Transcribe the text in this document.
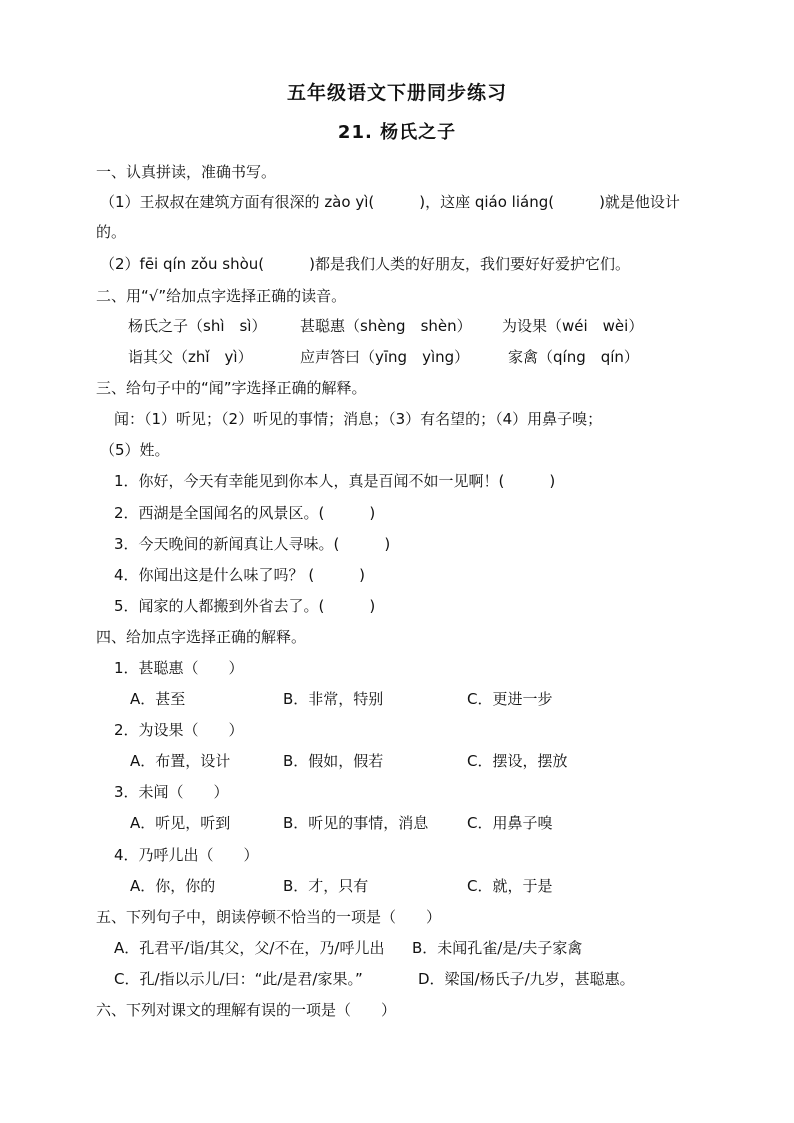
五年级语文下册同步练习
21. 杨氏之子
一、认真拼读，准确书写。
（1）王叔叔在建筑方面有很深的 zào yì(　　　)，这座 qiáo liáng(　　　)就是他设计
的。
（2）fēi qín zǒu shòu(　　　)都是我们人类的好朋友，我们要好好爱护它们。
二、用“√”给加点字选择正确的读音。
杨氏之子（shì　sì） 甚聪惠（shèng　shèn） 为设果（wéi　wèi）
诣其父（zhǐ　yì）	应声答曰（yīng　yìng）	家禽（qíng　qín）
三、给句子中的“闻”字选择正确的解释。
闻：（1）听见；（2）听见的事情；消息；（3）有名望的；（4）用鼻子嗅；
（5）姓。
1．你好，今天有幸能见到你本人，真是百闻不如一见啊！(　　　)
2．西湖是全国闻名的风景区。(　　　)
3．今天晚间的新闻真让人寻味。(　　　)
4．你闻出这是什么味了吗？ (　　　)
5．闻家的人都搬到外省去了。(　　　)
四、给加点字选择正确的解释。
1．甚聪惠（　　）
A．甚至	B．非常，特别	C．更进一步
2．为设果（　　）
A．布置，设计	B．假如，假若	C．摆设，摆放
3．未闻（　　）
A．听见，听到	B．听见的事情，消息	C．用鼻子嗅
4．乃呼儿出（　　）
A．你，你的	B．才，只有	C．就，于是
五、下列句子中，朗读停顿不恰当的一项是（　　）
A．孔君平/诣/其父，父/不在，乃/呼儿出 B．未闻孔雀/是/夫子家禽
C．孔/指以示儿/曰：“此/是君/家果。”	D．梁国/杨氏子/九岁，甚聪惠。
六、下列对课文的理解有误的一项是（　　）
